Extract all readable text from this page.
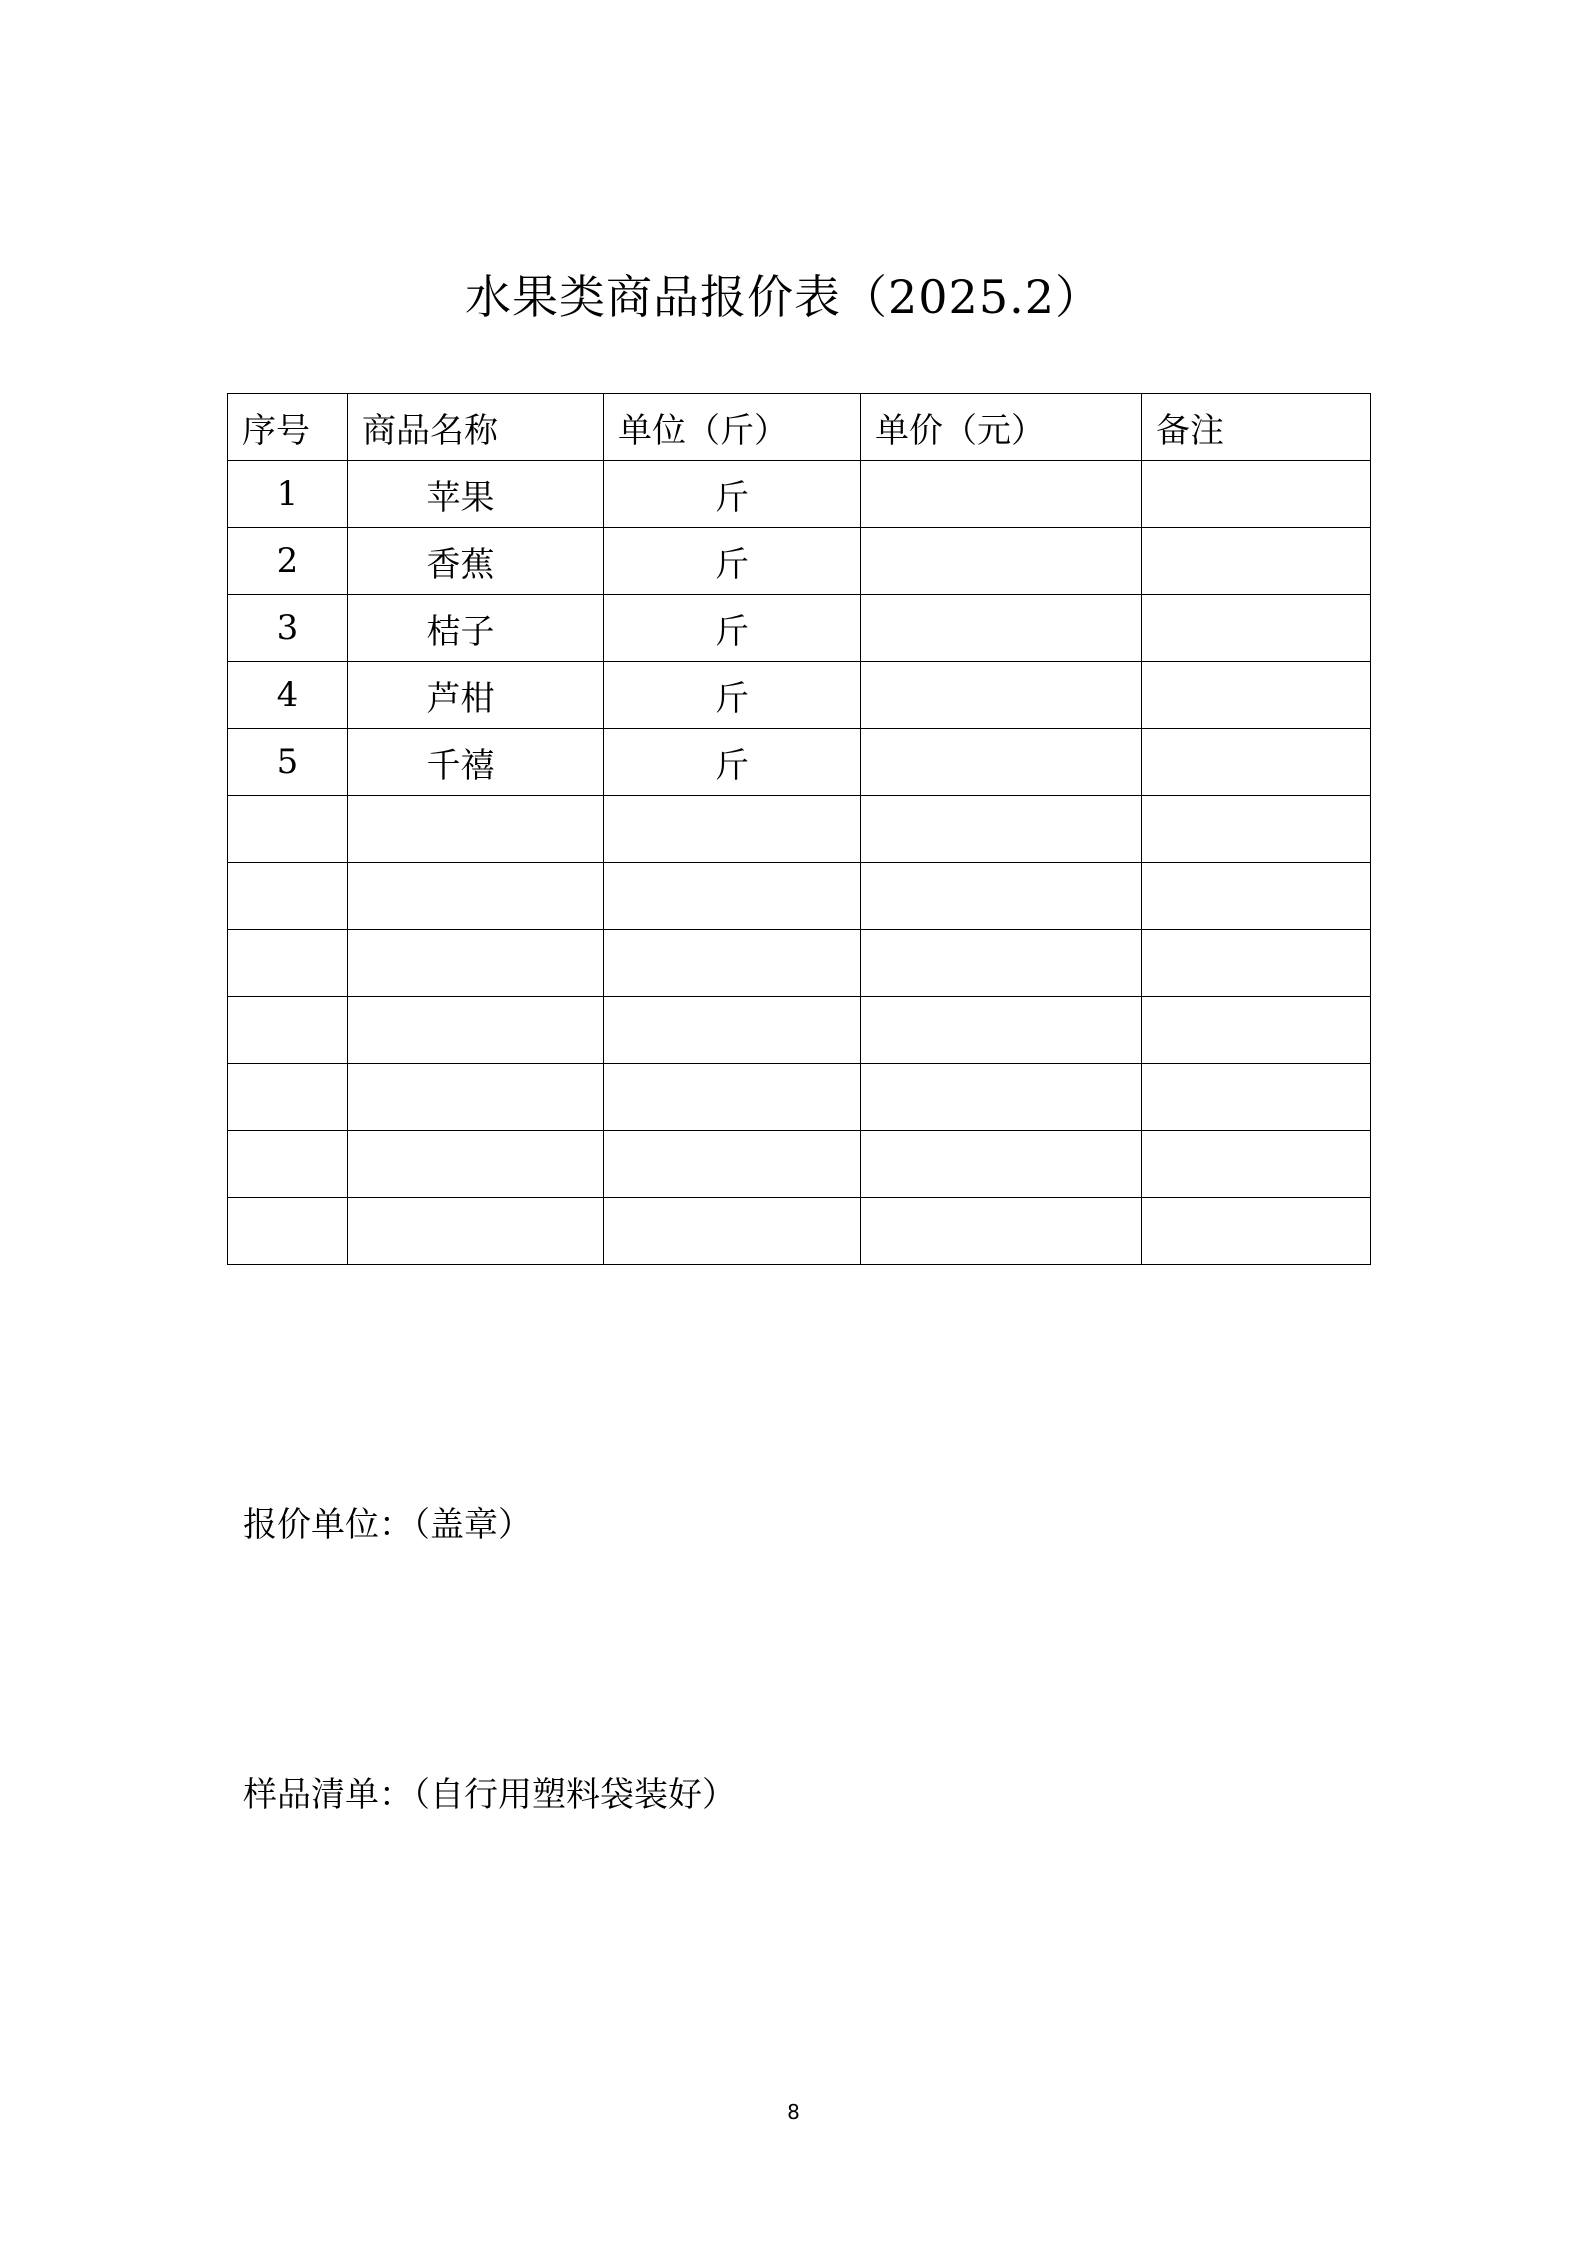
水果类商品报价表（2025.2）
序号	商品名称	单位（斤）	单价（元）	备注
1	苹果	斤		
2	香蕉	斤		
3	桔子	斤		
4	芦柑	斤		
5	千禧	斤		

报价单位：（盖章）
样品清单：（自行用塑料袋装好）
8
